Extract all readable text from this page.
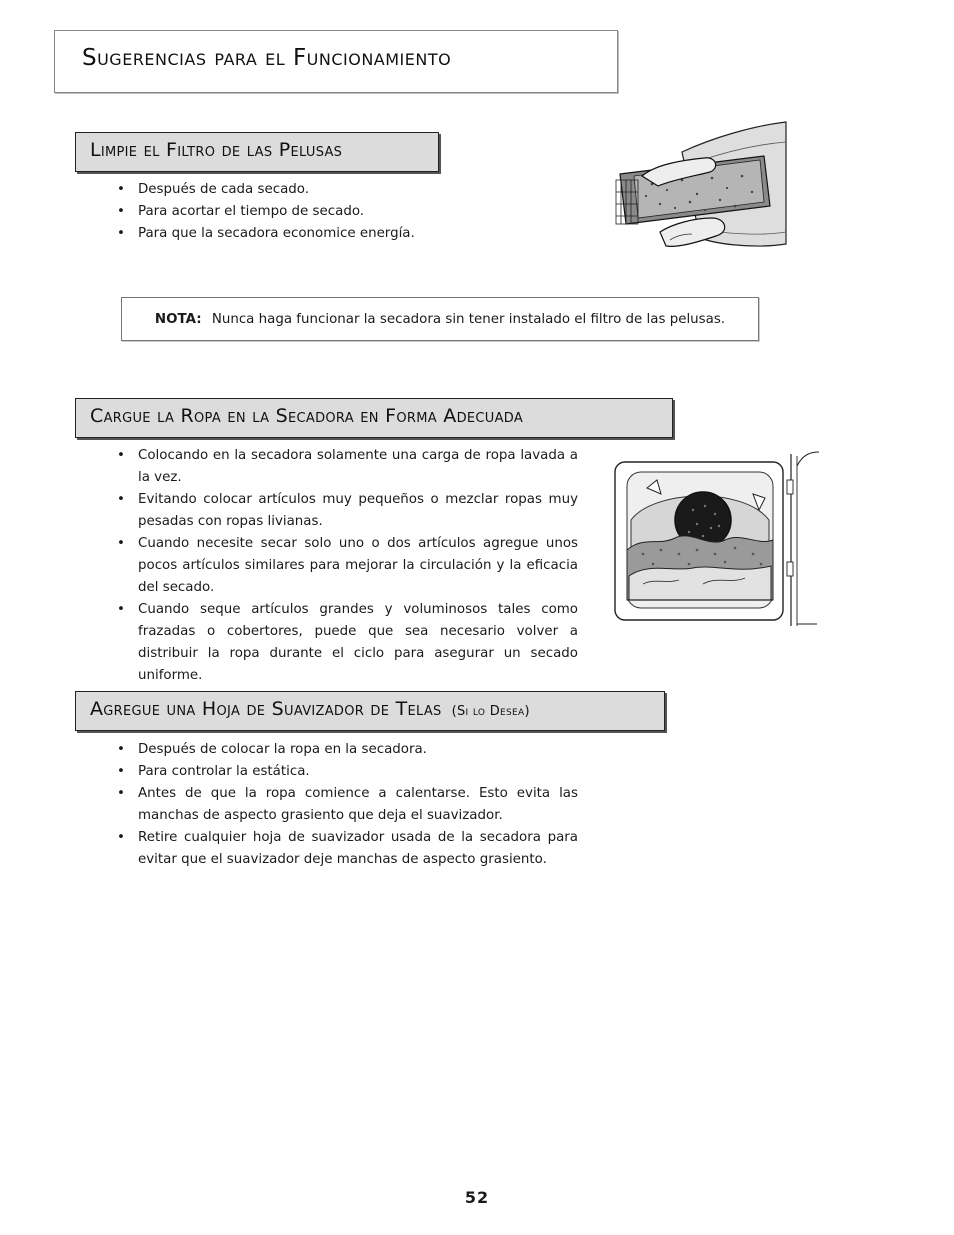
Sugerencias para el Funcionamiento
Limpie el Filtro de las Pelusas
• Después de cada secado.
• Para acortar el tiempo de secado.
• Para que la secadora economice energía.
NOTA: Nunca haga funcionar la secadora sin tener instalado el filtro de las pelusas.
Cargue la Ropa en la Secadora en Forma Adecuada
• Colocando en la secadora solamente una carga de ropa lavada a la vez.
• Evitando colocar artículos muy pequeños o mezclar ropas muy pesadas con ropas livianas.
• Cuando necesite secar solo uno o dos artículos agregue unos pocos artículos similares para mejorar la circulación y la eficacia del secado.
• Cuando seque artículos grandes y voluminosos tales como frazadas o cobertores, puede que sea necesario volver a distribuir la ropa durante el ciclo para asegurar un secado uniforme.
Agregue una Hoja de Suavizador de Telas (Si lo Desea)
• Después de colocar la ropa en la secadora.
• Para controlar la estática.
• Antes de que la ropa comience a calentarse. Esto evita las manchas de aspecto grasiento que deja el suavizador.
• Retire cualquier hoja de suavizador usada de la secadora para evitar que el suavizador deje manchas de aspecto grasiento.
52
